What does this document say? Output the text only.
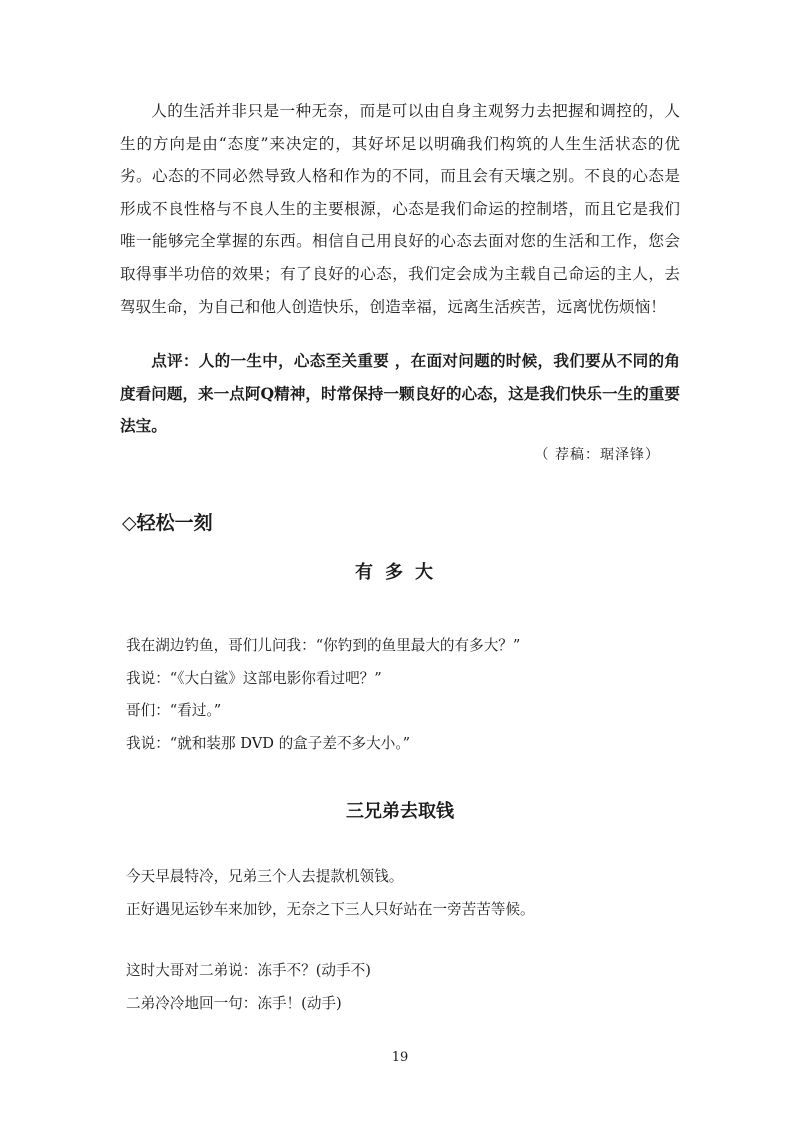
人的生活并非只是一种无奈，而是可以由自身主观努力去把握和调控的，人生的方向是由“态度”来决定的，其好坏足以明确我们构筑的人生生活状态的优劣。心态的不同必然导致人格和作为的不同，而且会有天壤之别。不良的心态是形成不良性格与不良人生的主要根源，心态是我们命运的控制塔，而且它是我们唯一能够完全掌握的东西。相信自己用良好的心态去面对您的生活和工作，您会取得事半功倍的效果；有了良好的心态，我们定会成为主载自己命运的主人，去驾驭生命，为自己和他人创造快乐，创造幸福，远离生活疾苦，远离忧伤烦恼！

点评：人的一生中，心态至关重要 ，在面对问题的时候，我们要从不同的角度看问题，来一点阿Q精神，时常保持一颗良好的心态，这是我们快乐一生的重要法宝。

（ 荐稿：琚泽锋）

◇轻松一刻
有多大
我在湖边钓鱼，哥们儿问我：“你钓到的鱼里最大的有多大？”
我说：“《大白鲨》这部电影你看过吧？”
哥们：“看过。”
我说：“就和装那 DVD 的盒子差不多大小。”
三兄弟去取钱
今天早晨特冷，兄弟三个人去提款机领钱。
正好遇见运钞车来加钞，无奈之下三人只好站在一旁苦苦等候。
这时大哥对二弟说：冻手不？(动手不)
二弟冷冷地回一句：冻手！(动手)

19
